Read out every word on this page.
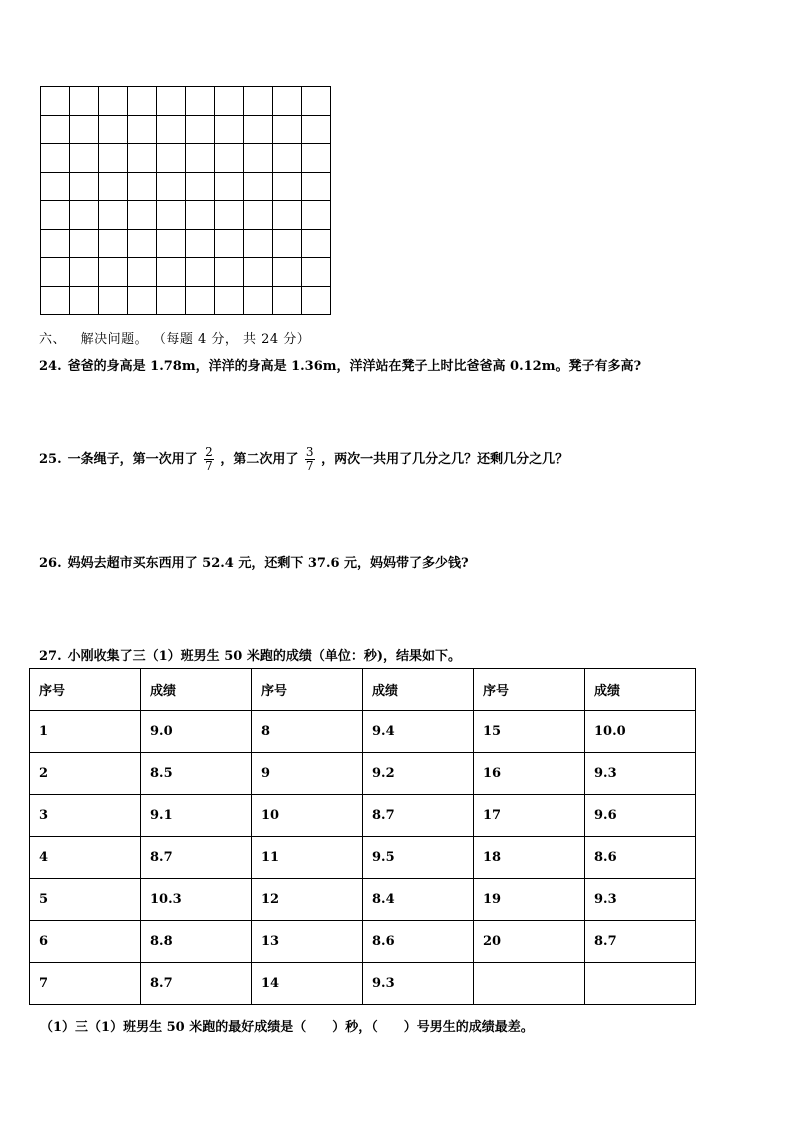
六、 解决问题。 （每题 4 分， 共 24 分）
24. 爸爸的身高是 1.78m，洋洋的身高是 1.36m，洋洋站在凳子上时比爸爸高 0.12m。凳子有多高?
25. 一条绳子，第一次用了 $\frac{2}{7}$ ，第二次用了 $\frac{3}{7}$ ，两次一共用了几分之几？还剩几分之几？
26. 妈妈去超市买东西用了 52.4 元，还剩下 37.6 元，妈妈带了多少钱?
27. 小刚收集了三（1）班男生 50 米跑的成绩（单位：秒)，结果如下。
序号	成绩	序号	成绩	序号	成绩
1	9.0	8	9.4	15	10.0
2	8.5	9	9.2	16	9.3
3	9.1	10	8.7	17	9.6
4	8.7	11	9.5	18	8.6
5	10.3	12	8.4	19	9.3
6	8.8	13	8.6	20	8.7
7	8.7	14	9.3		
（1）三（1）班男生 50 米跑的最好成绩是（ ）秒，（ ）号男生的成绩最差。
